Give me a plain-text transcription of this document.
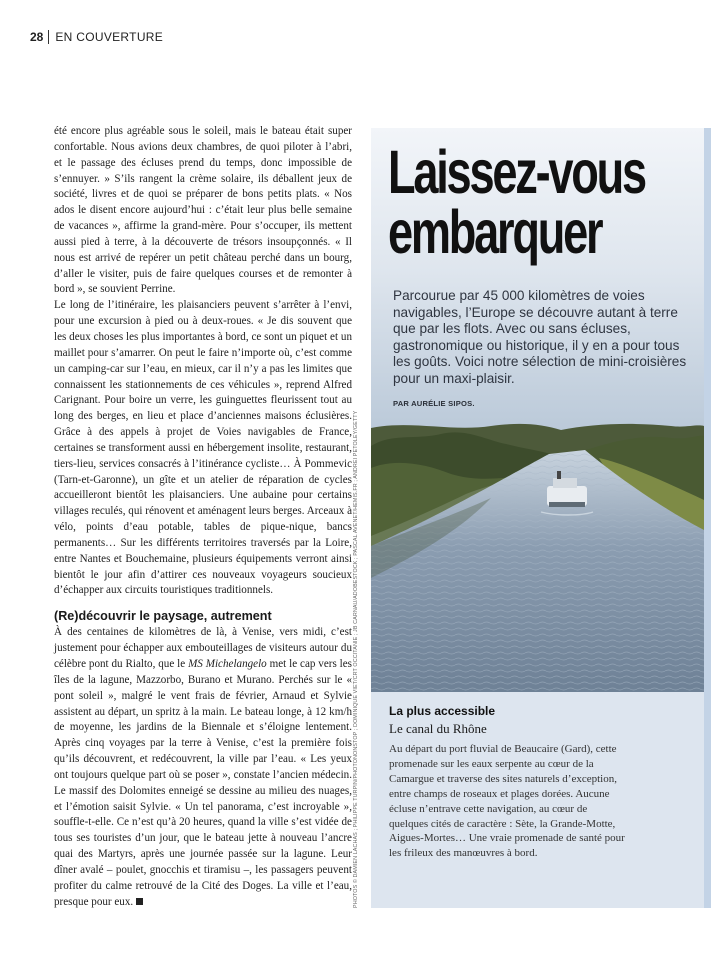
28 EN COUVERTURE

été encore plus agréable sous le soleil, mais le bateau était super confortable. Nous avions deux chambres, de quoi piloter à l’abri, et le passage des écluses prend du temps, donc impossible de s’ennuyer. » S’ils rangent la crème solaire, ils déballent jeux de société, livres et de quoi se préparer de bons petits plats. « Nos ados le disent encore aujourd’hui : c’était leur plus belle semaine de vacances », affirme la grand-mère. Pour s’occuper, ils mettent aussi pied à terre, à la découverte de trésors insoupçonnés. « Il nous est arrivé de repérer un petit château perché dans un bourg, d’aller le visiter, puis de faire quelques courses et de remonter à bord », se souvient Perrine.

Le long de l’itinéraire, les plaisanciers peuvent s’arrêter à l’envi, pour une excursion à pied ou à deux-roues. « Je dis souvent que les deux choses les plus importantes à bord, ce sont un piquet et un maillet pour s’amarrer. On peut le faire n’importe où, c’est comme un camping-car sur l’eau, en mieux, car il n’y a pas les limites que connaissent les stationnements de ces véhicules », reprend Alfred Carignant. Pour boire un verre, les guinguettes fleurissent tout au long des berges, en lieu et place d’anciennes maisons éclusières. Grâce à des appels à projet de Voies navigables de France, certaines se transforment aussi en hébergement insolite, restaurant, tiers-lieu, services consacrés à l’itinérance cycliste… À Pommevic (Tarn-et-Garonne), un gîte et un atelier de réparation de cycles accueilleront bientôt les plaisanciers. Une aubaine pour certains villages reculés, qui rénovent et aménagent leurs berges. Arceaux à vélo, points d’eau potable, tables de pique-nique, bancs permanents… Sur les différents territoires traversés par la Loire, entre Nantes et Bouchemaine, plusieurs équipements verront ainsi bientôt le jour afin d’attirer ces nouveaux voyageurs soucieux d’échapper aux circuits touristiques traditionnels.

(Re)découvrir le paysage, autrement

À des centaines de kilomètres de là, à Venise, vers midi, c’est justement pour échapper aux embouteillages de visiteurs autour du célèbre pont du Rialto, que le MS Michelangelo met le cap vers les îles de la lagune, Mazzorbo, Burano et Murano. Perchés sur le « pont soleil », malgré le vent frais de février, Arnaud et Sylvie assistent au départ, un spritz à la main. Le bateau longe, à 12 km/h de moyenne, les jardins de la Biennale et s’éloigne lentement. Après cinq voyages par la terre à Venise, c’est la première fois qu’ils découvrent, et redécouvrent, la ville par l’eau. « Les yeux ont toujours quelque part où se poser », constate l’ancien médecin. Le massif des Dolomites enneigé se dessine au milieu des nuages, et l’émotion saisit Sylvie. « Un tel panorama, c’est incroyable », souffle-t-elle. Ce n’est qu’à 20 heures, quand la ville s’est vidée de tous ses touristes d’un jour, que le bateau jette à nouveau l’ancre quai des Martyrs, après une journée passée sur la lagune. Leur dîner avalé – poulet, gnocchis et tiramisu –, les passagers peuvent profiter du calme retrouvé de la Cité des Doges. La ville et l’eau, presque pour eux.	PHOTOS © DAMIEN LACHAS ; PHILIPPE TURPIN/PHOTONONSTOP ; DOMINIQUE VIET/CRT OCCITANIE ; JB CARNAU/ADOBESTOCK ; PASCAL AVENET/HEMIS.FR ; ANDREI PETOLEY/GETTY
Laissez-vous
embarquer

Parcourue par 45 000 kilomètres de voies navigables, l’Europe se découvre autant à terre que par les flots. Avec ou sans écluses, gastronomique ou historique, il y en a pour tous les goûts. Voici notre sélection de mini-croisières pour un maxi-plaisir.

PAR AURÉLIE SIPOS.

La plus accessible

Le canal du Rhône

Au départ du port fluvial de Beaucaire (Gard), cette promenade sur les eaux serpente au cœur de la Camargue et traverse des sites naturels d’exception, entre champs de roseaux et plages dorées. Aucune écluse n’entrave cette navigation, au cœur de quelques cités de caractère : Sète, la Grande-Motte, Aigues-Mortes… Une vraie promenade de santé pour les frileux des manœuvres à bord.
